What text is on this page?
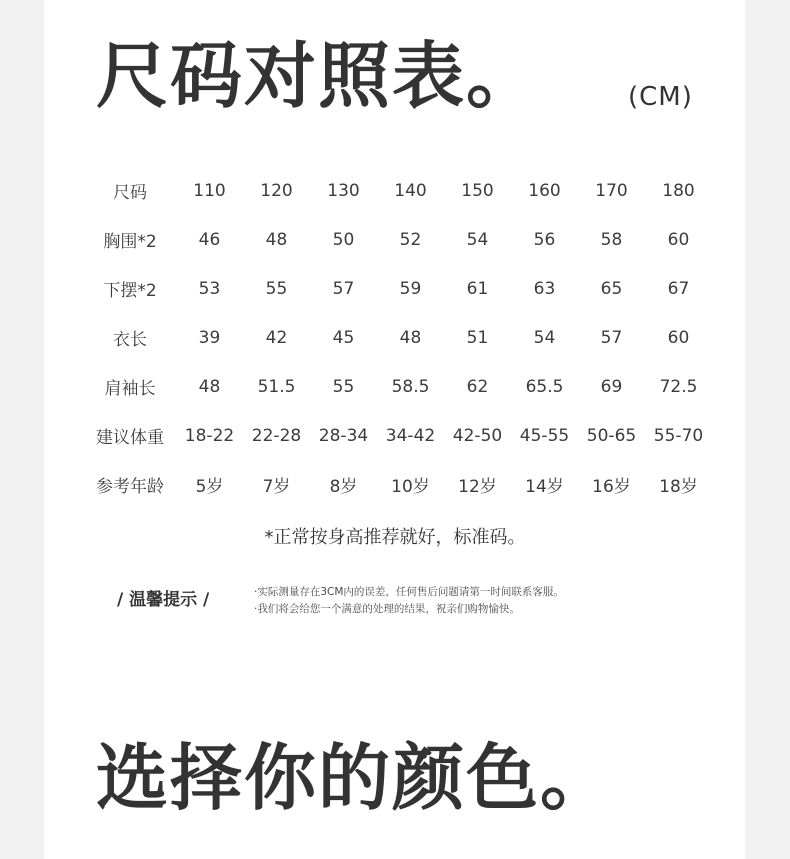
尺码对照表。	(CM)
尺码	110	120	130	140	150	160	170	180
胸围*2	46	48	50	52	54	56	58	60
下摆*2	53	55	57	59	61	63	65	67
衣长	39	42	45	48	51	54	57	60
肩袖长	48	51.5	55	58.5	62	65.5	69	72.5
建议体重	18-22	22-28	28-34	34-42	42-50	45-55	50-65	55-70
参考年龄	5岁	7岁	8岁	10岁	12岁	14岁	16岁	18岁
*正常按身高推荐就好，标准码。
/ 温馨提示 /	·实际测量存在3CM内的误差，任何售后问题请第一时间联系客服。
·我们将会给您一个满意的处理的结果，祝亲们购物愉快。
选择你的颜色。
